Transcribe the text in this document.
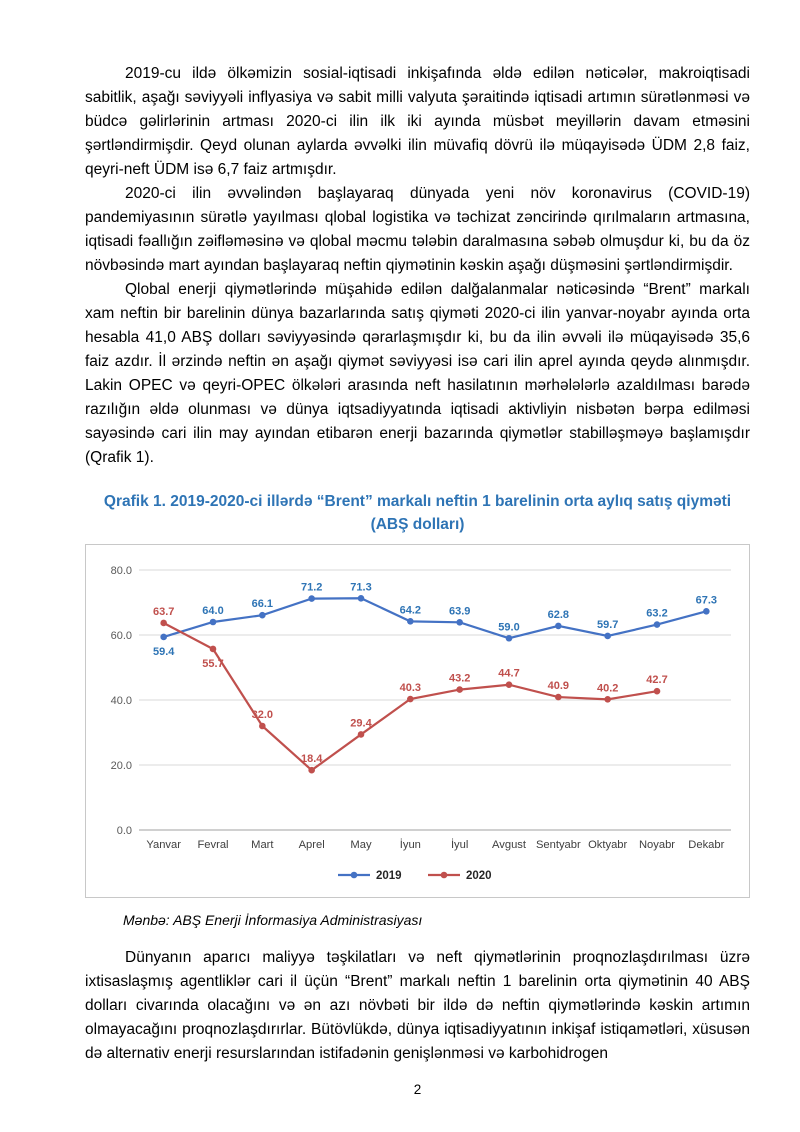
2019-cu ildə ölkəmizin sosial-iqtisadi inkişafında əldə edilən nəticələr, makroiqtisadi sabitlik, aşağı səviyyəli inflyasiya və sabit milli valyuta şəraitində iqtisadi artımın sürətlənməsi və büdcə gəlirlərinin artması 2020-ci ilin ilk iki ayında müsbət meyillərin davam etməsini şərtləndirmişdir. Qeyd olunan aylarda əvvəlki ilin müvafiq dövrü ilə müqayisədə ÜDM 2,8 faiz, qeyri-neft ÜDM isə 6,7 faiz artmışdır.

2020-ci ilin əvvəlindən başlayaraq dünyada yeni növ koronavirus (COVID-19) pandemiyasının sürətlə yayılması qlobal logistika və təchizat zəncirində qırılmaların artmasına, iqtisadi fəallığın zəifləməsinə və qlobal məcmu tələbin daralmasına səbəb olmuşdur ki, bu da öz növbəsində mart ayından başlayaraq neftin qiymətinin kəskin aşağı düşməsini şərtləndirmişdir.

Qlobal enerji qiymətlərində müşahidə edilən dalğalanmalar nəticəsində “Brent” markalı xam neftin bir barelinin dünya bazarlarında satış qiyməti 2020-ci ilin yanvar-noyabr ayında orta hesabla 41,0 ABŞ dolları səviyyəsində qərarlaşmışdır ki, bu da ilin əvvəli ilə müqayisədə 35,6 faiz azdır. İl ərzində neftin ən aşağı qiymət səviyyəsi isə cari ilin aprel ayında qeydə alınmışdır. Lakin OPEC və qeyri-OPEC ölkələri arasında neft hasilatının mərhələlərlə azaldılması barədə razılığın əldə olunması və dünya iqtsadiyyatında iqtisadi aktivliyin nisbətən bərpa edilməsi sayəsində cari ilin may ayından etibarən enerji bazarında qiymətlər stabilləşməyə başlamışdır (Qrafik 1).

Qrafik 1. 2019-2020-ci illərdə “Brent” markalı neftin 1 barelinin orta aylıq satış qiyməti
(ABŞ dolları)
0.0
20.0
40.0
60.0
80.0
Yanvar Fevral Mart Aprel May	İyun	İyul Avgust Sentyabr Oktyabr Noyabr Dekabr
59.4
64.0
66.1
71.2	71.3
64.2	63.9
59.0
62.8
59.7
63.2
67.3
63.7
55.7
32.0
18.4
29.4
40.3
43.2	44.7
40.9	40.2
42.7
2019	2020

Mənbə: ABŞ Enerji İnformasiya Administrasiyası

Dünyanın aparıcı maliyyə təşkilatları və neft qiymətlərinin proqnozlaşdırılması üzrə ixtisaslaşmış agentliklər cari il üçün “Brent” markalı neftin 1 barelinin orta qiymətinin 40 ABŞ dolları civarında olacağını və ən azı növbəti bir ildə də neftin qiymətlərində kəskin artımın olmayacağını proqnozlaşdırırlar. Bütövlükdə, dünya iqtisadiyyatının inkişaf istiqamətləri, xüsusən də alternativ enerji resurslarından istifadənin genişlənməsi və karbohidrogen

2
